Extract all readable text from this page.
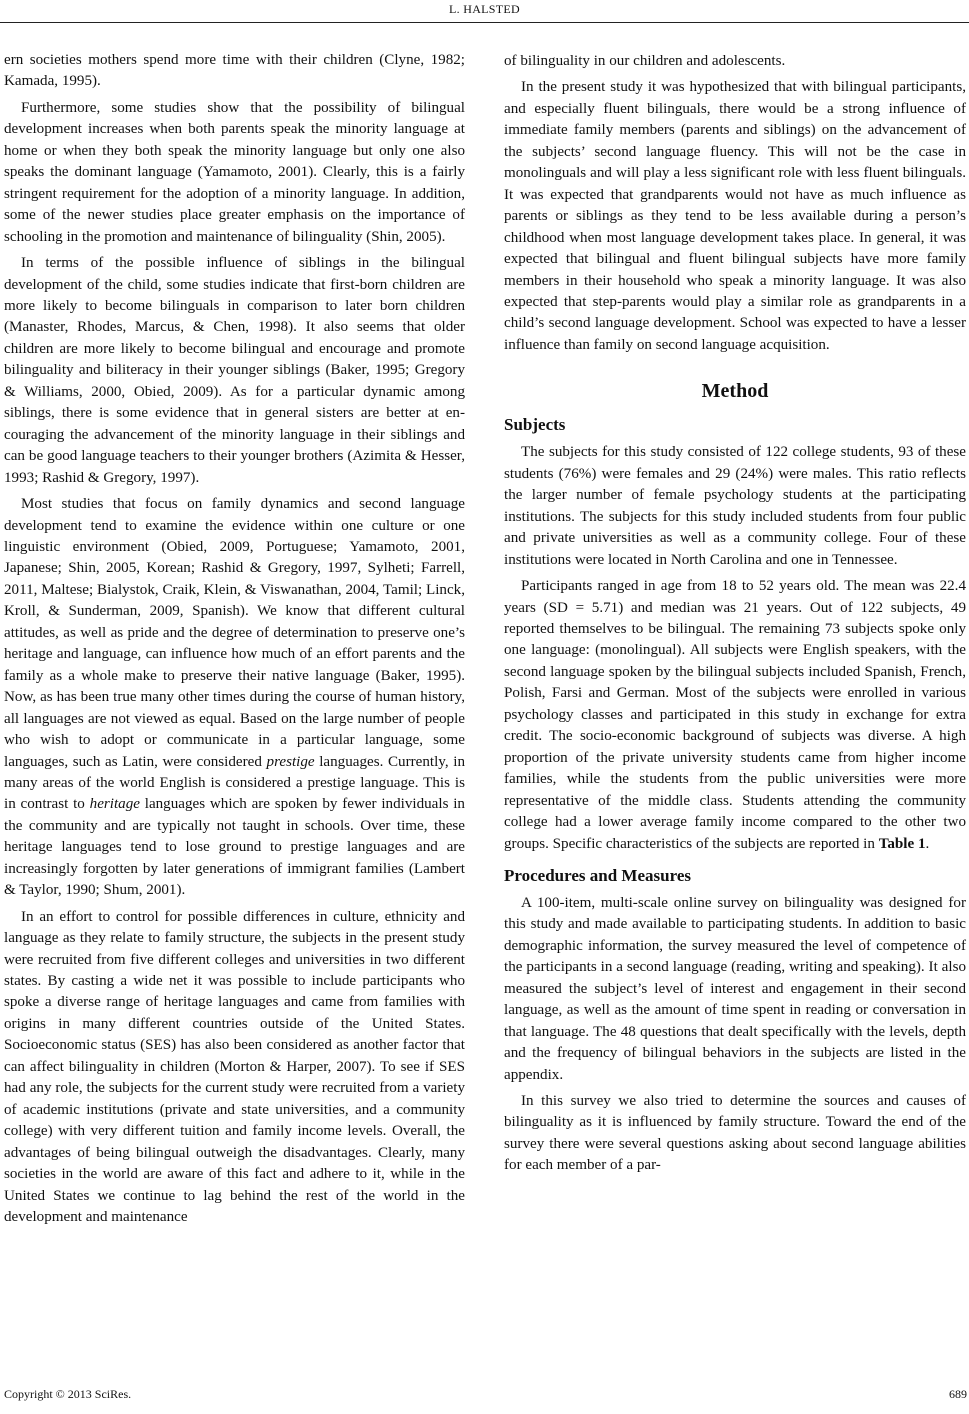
L. HALSTED

ern societies mothers spend more time with their children (Clyne, 1982; Kamada, 1995).

Furthermore, some studies show that the possibility of bilingual development increases when both parents speak the minority language at home or when they both speak the minority language but only one also speaks the dominant language (Yamamoto, 2001). Clearly, this is a fairly stringent requirement for the adoption of a minority language. In addition, some of the newer studies place greater emphasis on the importance of schooling in the promotion and maintenance of bilinguality (Shin, 2005).

In terms of the possible influence of siblings in the bilingual development of the child, some studies indicate that first-born children are more likely to become bilinguals in comparison to later born children (Manaster, Rhodes, Marcus, & Chen, 1998). It also seems that older children are more likely to become bilingual and encourage and promote bilinguality and biliteracy in their younger siblings (Baker, 1995; Gregory & Williams, 2000, Obied, 2009). As for a particular dynamic among siblings, there is some evidence that in general sisters are better at encouraging the advancement of the minority language in their siblings and can be good language teachers to their younger brothers (Azimita & Hesser, 1993; Rashid & Gregory, 1997).

Most studies that focus on family dynamics and second language development tend to examine the evidence within one culture or one linguistic environment (Obied, 2009, Portuguese; Yamamoto, 2001, Japanese; Shin, 2005, Korean; Rashid & Gregory, 1997, Sylheti; Farrell, 2011, Maltese; Bialystok, Craik, Klein, & Viswanathan, 2004, Tamil; Linck, Kroll, & Sunderman, 2009, Spanish). We know that different cultural attitudes, as well as pride and the degree of determination to preserve one’s heritage and language, can influence how much of an effort parents and the family as a whole make to preserve their native language (Baker, 1995). Now, as has been true many other times during the course of human history, all languages are not viewed as equal. Based on the large number of people who wish to adopt or communicate in a particular language, some languages, such as Latin, were considered prestige languages. Currently, in many areas of the world English is considered a prestige language. This is in contrast to heritage languages which are spoken by fewer individuals in the community and are typically not taught in schools. Over time, these heritage languages tend to lose ground to prestige languages and are increasingly forgotten by later generations of immigrant families (Lambert & Taylor, 1990; Shum, 2001).

In an effort to control for possible differences in culture, ethnicity and language as they relate to family structure, the subjects in the present study were recruited from five different colleges and universities in two different states. By casting a wide net it was possible to include participants who spoke a diverse range of heritage languages and came from families with origins in many different countries outside of the United States. Socioeconomic status (SES) has also been considered as another factor that can affect bilinguality in children (Morton & Harper, 2007). To see if SES had any role, the subjects for the current study were recruited from a variety of academic institutions (private and state universities, and a community college) with very different tuition and family income levels. Overall, the advantages of being bilingual outweigh the disadvantages. Clearly, many societies in the world are aware of this fact and adhere to it, while in the United States we continue to lag behind the rest of the world in the development and maintenance

of bilinguality in our children and adolescents.

In the present study it was hypothesized that with bilingual participants, and especially fluent bilinguals, there would be a strong influence of immediate family members (parents and siblings) on the advancement of the subjects’ second language fluency. This will not be the case in monolinguals and will play a less significant role with less fluent bilinguals. It was expected that grandparents would not have as much influence as parents or siblings as they tend to be less available during a person’s childhood when most language development takes place. In general, it was expected that bilingual and fluent bilingual subjects have more family members in their household who speak a minority language. It was also expected that step-parents would play a similar role as grandparents in a child’s second language development. School was expected to have a lesser influence than family on second language acquisition.

Method
Subjects

The subjects for this study consisted of 122 college students, 93 of these students (76%) were females and 29 (24%) were males. This ratio reflects the larger number of female psychology students at the participating institutions. The subjects for this study included students from four public and private universities as well as a community college. Four of these institutions were located in North Carolina and one in Tennessee.

Participants ranged in age from 18 to 52 years old. The mean was 22.4 years (SD = 5.71) and median was 21 years. Out of 122 subjects, 49 reported themselves to be bilingual. The remaining 73 subjects spoke only one language: (monolingual). All subjects were English speakers, with the second language spoken by the bilingual subjects included Spanish, French, Polish, Farsi and German. Most of the subjects were enrolled in various psychology classes and participated in this study in exchange for extra credit. The socio-economic background of subjects was diverse. A high proportion of the private university students came from higher income families, while the students from the public universities were more representative of the middle class. Students attending the community college had a lower average family income compared to the other two groups. Specific characteristics of the subjects are reported in Table 1.

Procedures and Measures

A 100-item, multi-scale online survey on bilinguality was designed for this study and made available to participating students. In addition to basic demographic information, the survey measured the level of competence of the participants in a second language (reading, writing and speaking). It also measured the subject’s level of interest and engagement in their second language, as well as the amount of time spent in reading or conversation in that language. The 48 questions that dealt specifically with the levels, depth and the frequency of bilingual behaviors in the subjects are listed in the appendix.

In this survey we also tried to determine the sources and causes of bilinguality as it is influenced by family structure. Toward the end of the survey there were several questions asking about second language abilities for each member of a par-

Copyright © 2013 SciRes.	689
